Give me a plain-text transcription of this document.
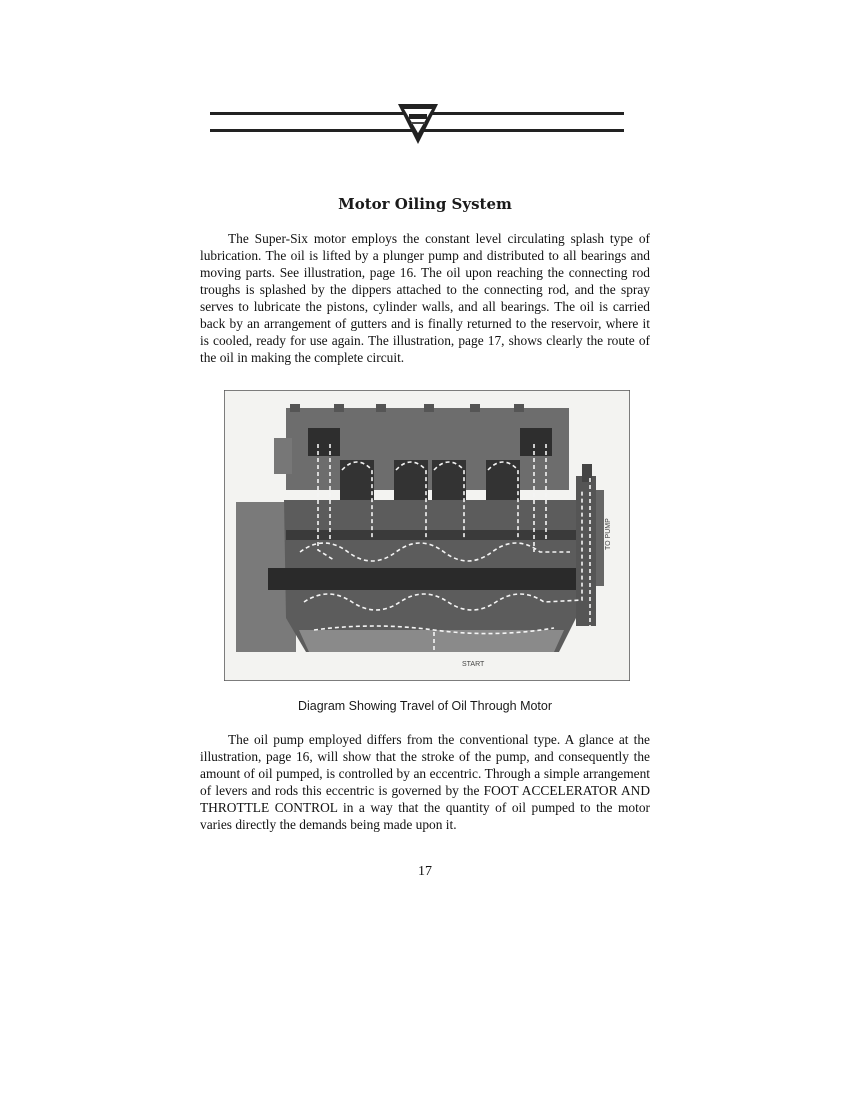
Motor Oiling System

The Super-Six motor employs the constant level circulating splash type of lubrication. The oil is lifted by a plunger pump and distributed to all bearings and moving parts. See illustration, page 16. The oil upon reaching the connecting rod troughs is splashed by the dippers attached to the connecting rod, and the spray serves to lubricate the pistons, cylinder walls, and all bearings. The oil is carried back by an arrangement of gutters and is finally returned to the reservoir, where it is cooled, ready for use again. The illustration, page 17, shows clearly the route of the oil in making the complete circuit.

TO PUMP
START
Diagram Showing Travel of Oil Through Motor

The oil pump employed differs from the conventional type. A glance at the illustration, page 16, will show that the stroke of the pump, and consequently the amount of oil pumped, is controlled by an eccentric. Through a simple arrangement of levers and rods this eccentric is governed by the FOOT ACCELERATOR AND THROTTLE CONTROL in a way that the quantity of oil pumped to the motor varies directly the demands being made upon it.

17
